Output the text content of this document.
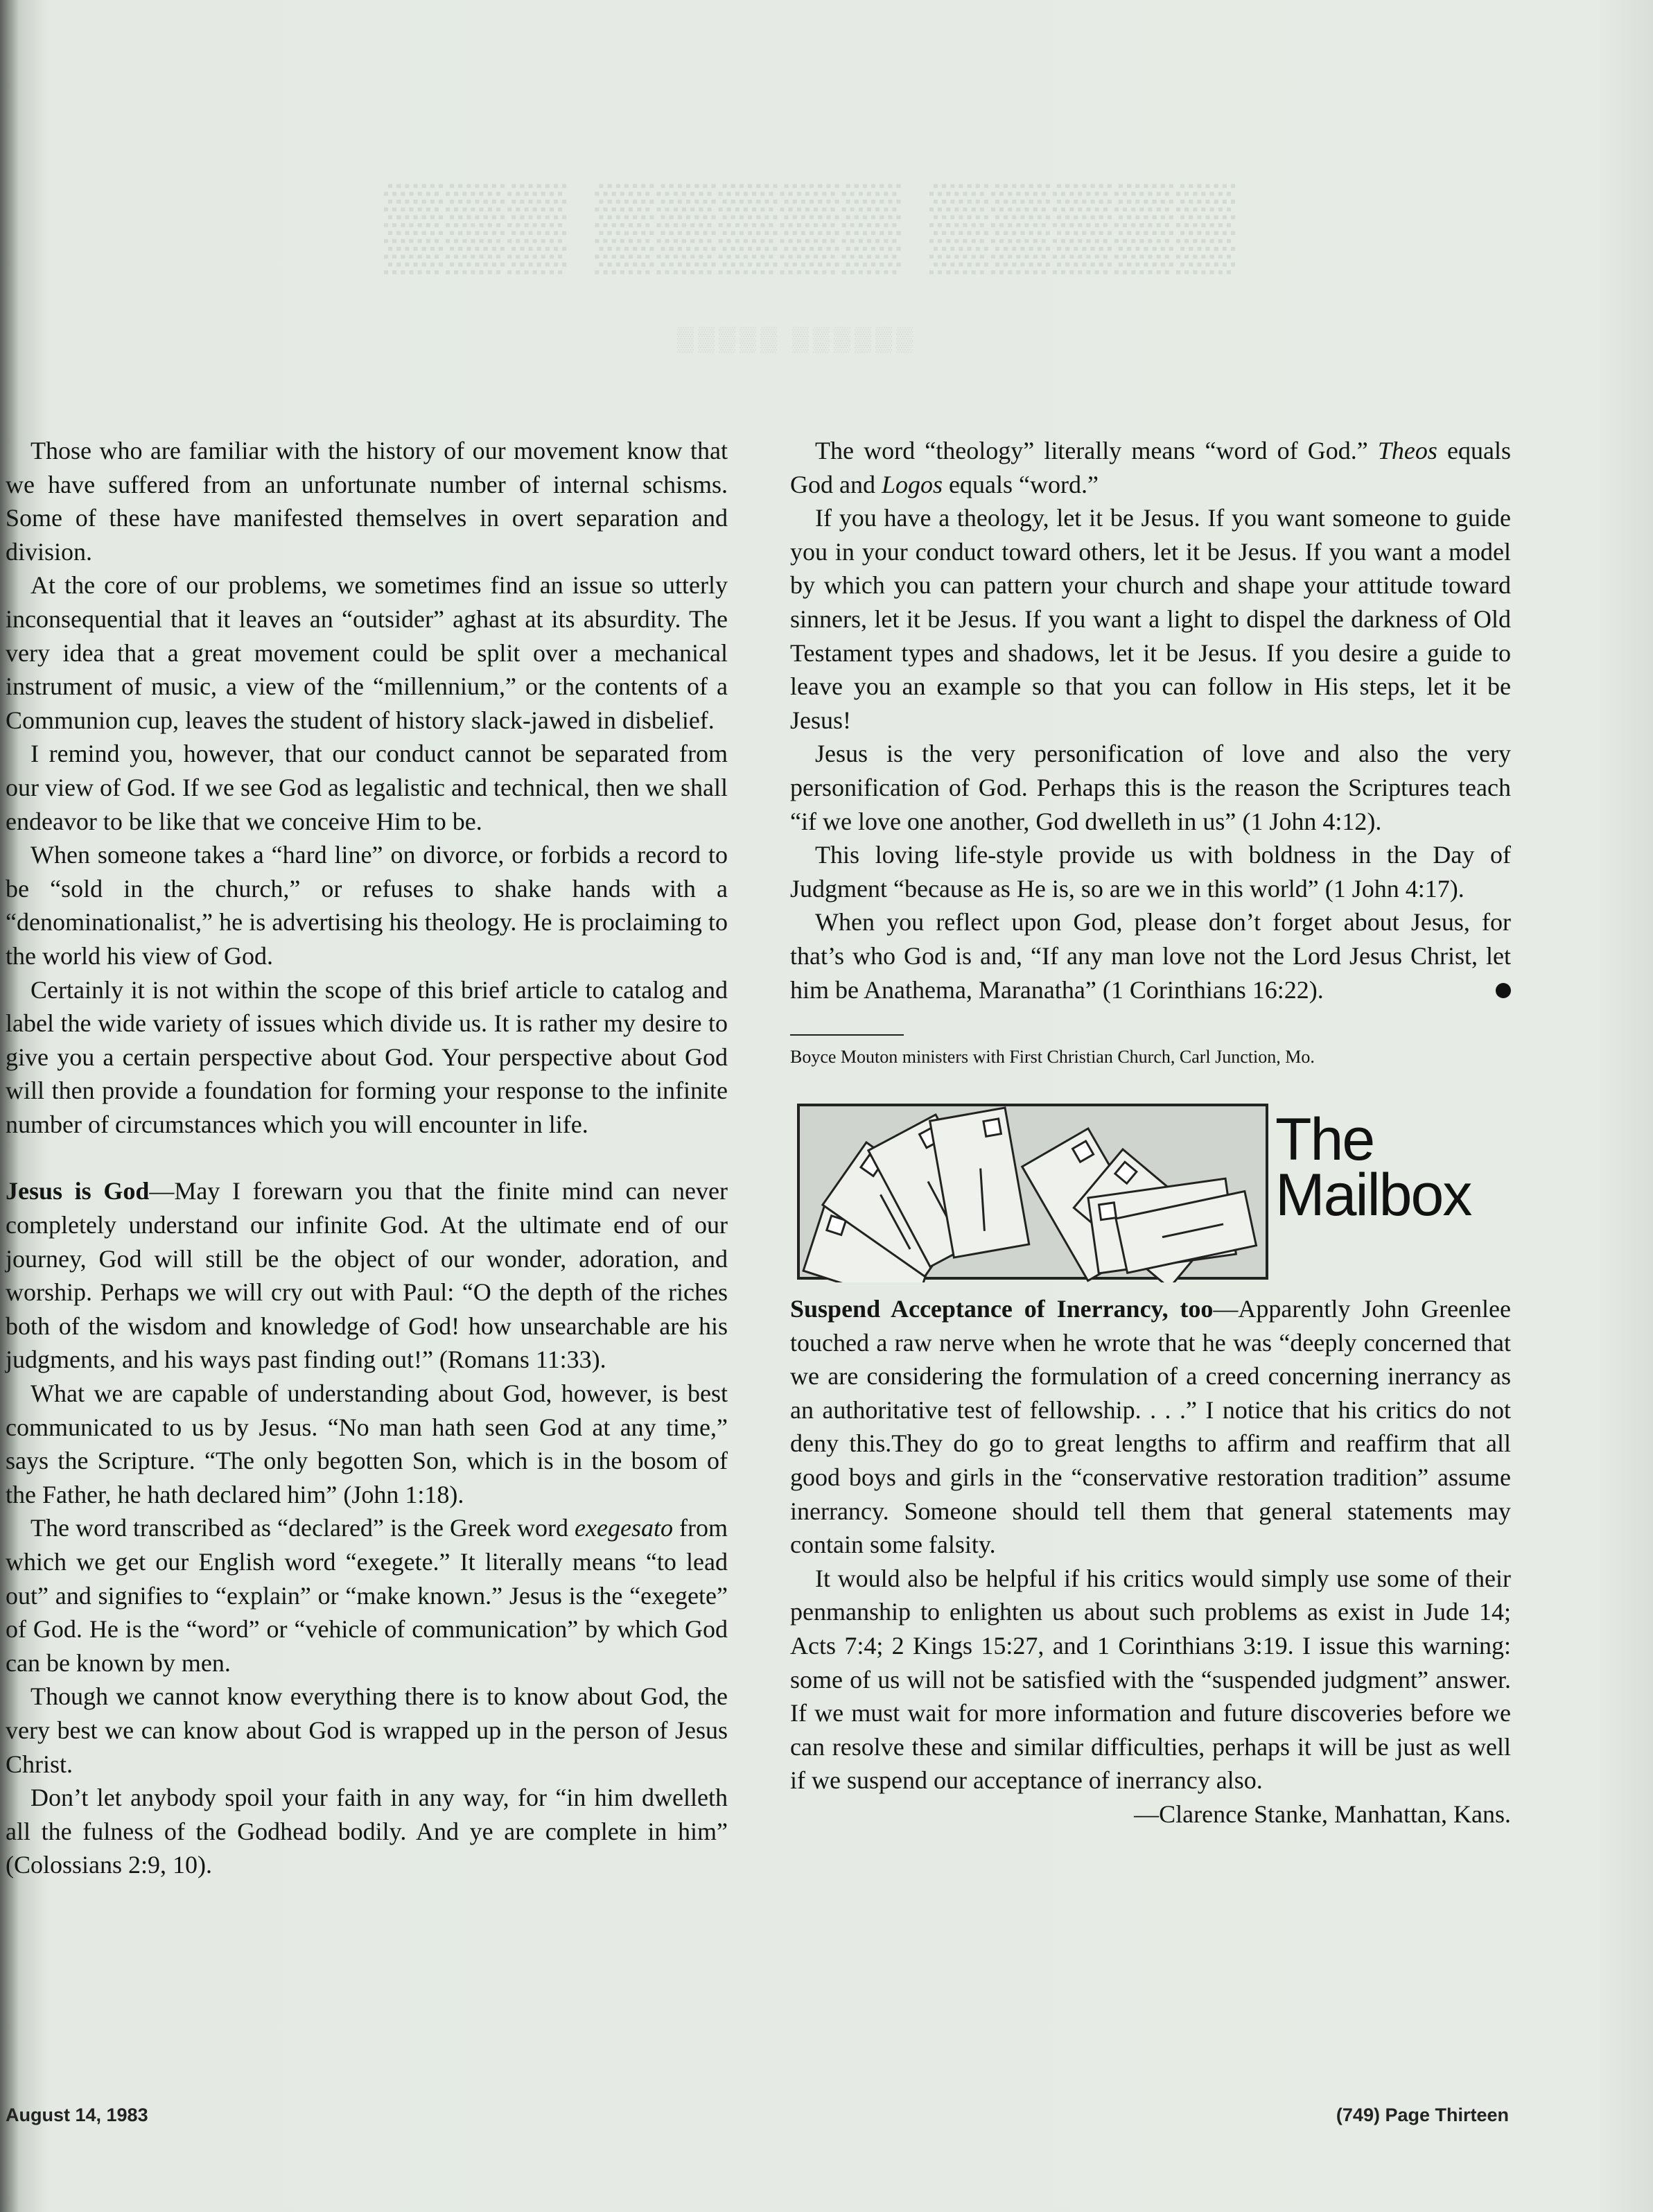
▒▒▒ ▒▒▒▒▒ ▒▒▒▒▒
▒▒▒▒▒ ▒▒▒▒▒▒

Those who are familiar with the history of our movement know that we have suffered from an unfortunate number of internal schisms. Some of these have manifested themselves in overt separation and division.

At the core of our problems, we sometimes find an issue so utterly inconsequential that it leaves an “outsider” aghast at its absurdity. The very idea that a great movement could be split over a mechanical instrument of music, a view of the “millennium,” or the contents of a Communion cup, leaves the student of history slack-jawed in disbelief.

I remind you, however, that our conduct cannot be separated from our view of God. If we see God as legalistic and technical, then we shall endeavor to be like that we conceive Him to be.

When someone takes a “hard line” on divorce, or forbids a record to be “sold in the church,” or refuses to shake hands with a “denominationalist,” he is advertising his theology. He is proclaiming to the world his view of God.

Certainly it is not within the scope of this brief article to catalog and label the wide variety of issues which divide us. It is rather my desire to give you a certain perspective about God. Your perspective about God will then provide a foundation for forming your response to the infinite number of circumstances which you will encounter in life.

Jesus is God—May I forewarn you that the finite mind can never completely understand our infinite God. At the ultimate end of our journey, God will still be the object of our wonder, adoration, and worship. Perhaps we will cry out with Paul: “O the depth of the riches both of the wisdom and knowledge of God! how unsearchable are his judgments, and his ways past finding out!” (Romans 11:33).

What we are capable of understanding about God, however, is best communicated to us by Jesus. “No man hath seen God at any time,” says the Scripture. “The only begotten Son, which is in the bosom of the Father, he hath declared him” (John 1:18).

The word transcribed as “declared” is the Greek word exegesato from which we get our English word “exegete.” It literally means “to lead out” and signifies to “explain” or “make known.” Jesus is the “exegete” of God. He is the “word” or “vehicle of communication” by which God can be known by men.

Though we cannot know everything there is to know about God, the very best we can know about God is wrapped up in the person of Jesus Christ.

Don’t let anybody spoil your faith in any way, for “in him dwelleth all the fulness of the Godhead bodily. And ye are complete in him” (Colossians 2:9, 10).

The word “theology” literally means “word of God.” Theos equals God and Logos equals “word.”

If you have a theology, let it be Jesus. If you want someone to guide you in your conduct toward others, let it be Jesus. If you want a model by which you can pattern your church and shape your attitude toward sinners, let it be Jesus. If you want a light to dispel the darkness of Old Testament types and shadows, let it be Jesus. If you desire a guide to leave you an example so that you can follow in His steps, let it be Jesus!

Jesus is the very personification of love and also the very personification of God. Perhaps this is the reason the Scriptures teach “if we love one another, God dwelleth in us” (1 John 4:12).

This loving life-style provide us with boldness in the Day of Judgment “because as He is, so are we in this world” (1 John 4:17).

When you reflect upon God, please don’t forget about Jesus, for that’s who God is and, “If any man love not the Lord Jesus Christ, let him be Anathema, Maranatha” (1 Corinthians 16:22).

Boyce Mouton ministers with First Christian Church, Carl Junction, Mo.

The
Mailbox

Suspend Acceptance of Inerrancy, too—Apparently John Greenlee touched a raw nerve when he wrote that he was “deeply concerned that we are considering the formulation of a creed concerning inerrancy as an authoritative test of fellowship. . . .” I notice that his critics do not deny this.They do go to great lengths to affirm and reaffirm that all good boys and girls in the “conservative restoration tradition” assume inerrancy. Someone should tell them that general statements may contain some falsity.

It would also be helpful if his critics would simply use some of their penmanship to enlighten us about such problems as exist in Jude 14; Acts 7:4; 2 Kings 15:27, and 1 Corinthians 3:19. I issue this warning: some of us will not be satisfied with the “suspended judgment” answer. If we must wait for more information and future discoveries before we can resolve these and similar difficulties, perhaps it will be just as well if we suspend our acceptance of inerrancy also.

—Clarence Stanke, Manhattan, Kans.

August 14, 1983	(749) Page Thirteen
